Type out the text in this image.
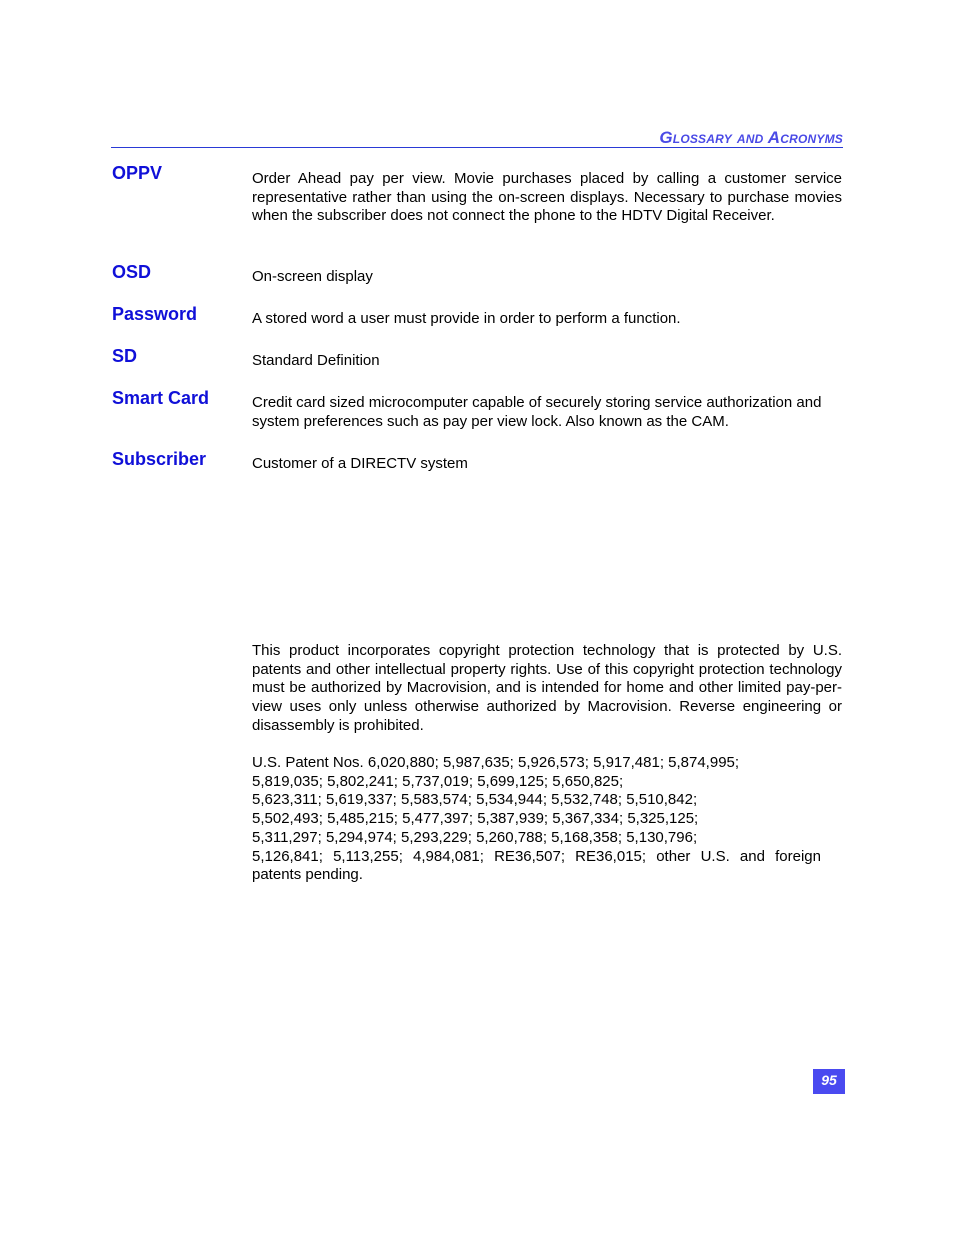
Glossary and Acronyms
OPPV	Order Ahead pay per view. Movie purchases placed by calling a customer service representative rather than using the on-screen displays. Necessary to purchase movies when the subscriber does not connect the phone to the HDTV Digital Receiver.
OSD	On-screen display
Password	A stored word a user must provide in order to perform a function.
SD	Standard Definition
Smart Card	Credit card sized microcomputer capable of securely storing service authorization and system preferences such as pay per view lock. Also known as the CAM.
Subscriber	Customer of a DIRECTV system
This product incorporates copyright protection technology that is protected by U.S. patents and other intellectual property rights. Use of this copyright protection technology must be authorized by Macrovision, and is intended for home and other limited pay-per-view uses only unless otherwise authorized by Macrovision. Reverse engineering or disassembly is prohibited.
U.S. Patent Nos. 6,020,880; 5,987,635; 5,926,573; 5,917,481; 5,874,995;
5,819,035; 5,802,241; 5,737,019; 5,699,125; 5,650,825;
5,623,311; 5,619,337; 5,583,574; 5,534,944; 5,532,748; 5,510,842;
5,502,493; 5,485,215; 5,477,397; 5,387,939; 5,367,334; 5,325,125;
5,311,297; 5,294,974; 5,293,229; 5,260,788; 5,168,358; 5,130,796;
5,126,841; 5,113,255; 4,984,081; RE36,507; RE36,015; other U.S. and foreign
patents pending.
95
